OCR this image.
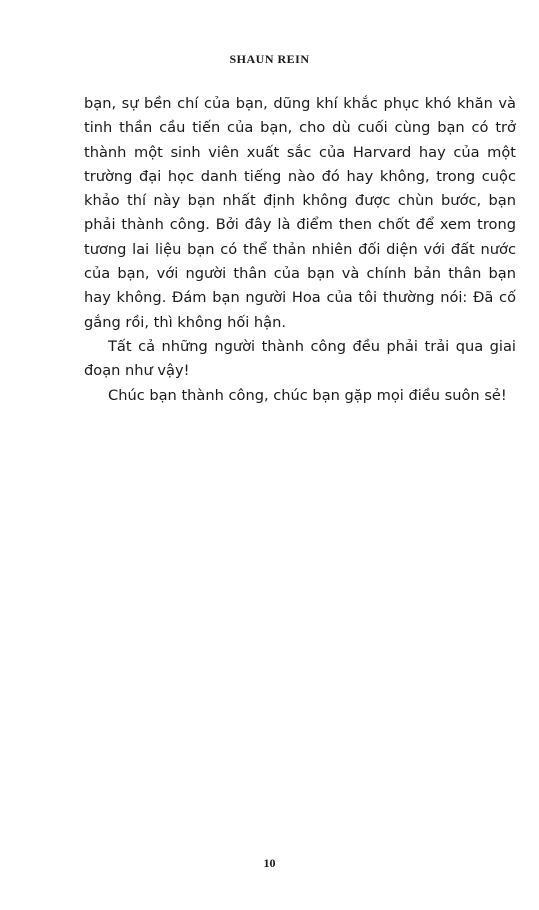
SHAUN REIN

bạn, sự bền chí của bạn, dũng khí khắc phục khó khăn và tinh thần cầu tiến của bạn, cho dù cuối cùng bạn có trở thành một sinh viên xuất sắc của Harvard hay của một trường đại học danh tiếng nào đó hay không, trong cuộc khảo thí này bạn nhất định không được chùn bước, bạn phải thành công. Bởi đây là điểm then chốt để xem trong tương lai liệu bạn có thể thản nhiên đối diện với đất nước của bạn, với người thân của bạn và chính bản thân bạn hay không. Đám bạn người Hoa của tôi thường nói: Đã cố gắng rồi, thì không hối hận.

Tất cả những người thành công đều phải trải qua giai đoạn như vậy!

Chúc bạn thành công, chúc bạn gặp mọi điều suôn sẻ!

10
